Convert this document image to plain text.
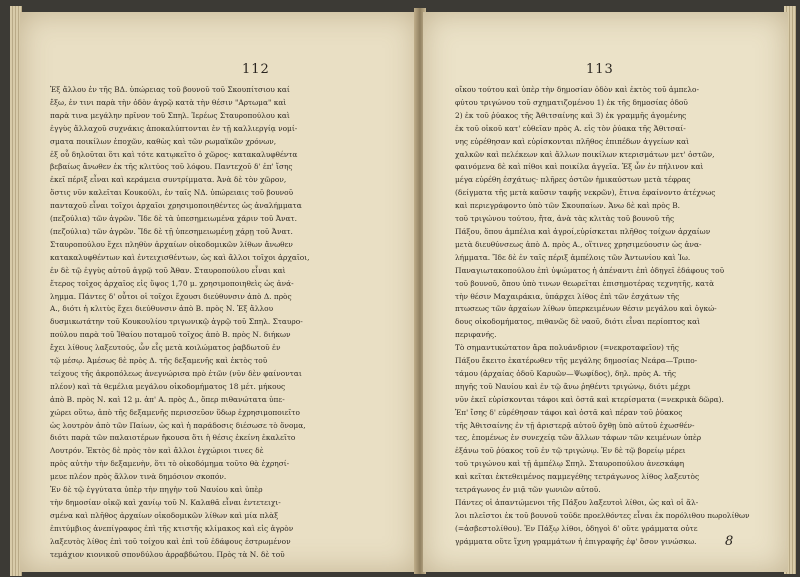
112
Ἐξ ἄλλου ἐν τῆς ΒΔ. ὑπώρειας τοῦ βουνοῦ τοῦ Σκουπίτσιου καί
ἔξω, ἐν τινι παρὰ τὴν ὁδὸν ἀγρῷ κατὰ τὴν θέσιν "Αρτωμα" καὶ
παρὰ τινα μεγάλην πρῖνον τοῦ Σπηλ. Ἰερέως Σταυροπούλου καὶ
ἐγγὺς ἄλλαχοῦ συχνάκις ἀποκαλύπτονται ἐν τῇ καλλιεργίᾳ νομί-
σματα ποικίλων ἐποχῶν, καθὼς καὶ τῶν ρωμαϊκῶν χρόνων,
ἐξ οὗ δηλοῦται ὅτι καὶ τότε κατῳκεῖτο ὁ χῶρος· κατακαλυφθέντα
βεβαίως ἄνωθεν ἐκ τῆς κλιτύος τοῦ λόφου. Παντεχοῦ δ' ἐπ' ἴσης
ἐκεῖ πέριξ εἶναι καὶ κεράμεια συντρίμματα. Ἀνὰ δὲ τὸν χῶρον,
ὅστις νῦν καλεῖται Κουκούλι, ἐν ταῖς ΝΔ. ὑπώρειαις τοῦ βουνοῦ
πανταχοῦ εἶναι τοῖχοι ἀρχαῖοι χρησιμοποιηθέντες ὡς ἀναλήμματα
(πεζούλια) τῶν ἀγρῶν. Ἴδε δὲ τὰ ὑπεσημειωμένα χάριν τοῦ Ἀνατ.
(πεζούλια) τῶν ἀγρῶν. Ἴδε δὲ τῇ ὑπεσημειωμένῃ χάρῃ τοῦ Ἀνατ.
Σταυροπούλου ἔχει πληθὺν ἀρχαίων οἰκοδομικῶν λίθων ἄνωθεν
κατακαλυφθέντων καὶ ἐντειχισθέντων, ὡς καὶ ἄλλοι τοῖχοι ἀρχαῖοι,
ἐν δὲ τῷ ἐγγὺς αὐτοῦ ἀγρῷ τοῦ Ἀθαν. Σταυροπούλου εἶναι καὶ
ἕτερος τοῖχος ἀρχαῖος εἰς ὕψος 1,70 μ. χρησιμοποιηθεὶς ὡς ἀνά-
λημμα. Πάντες δ' οὗτοι οἱ τοῖχοι ἔχουσι διεύθυνσιν ἀπὸ Δ. πρὸς
Α., διότι ἡ κλιτὺς ἔχει διεύθυνσιν ἀπὸ Β. πρὸς Ν. Ἐξ ἄλλου
δυσμικωτάτην τοῦ Κουκουλίου τριγωνικῷ ἀγρῷ τοῦ Σπηλ. Σταυρο-
πούλου παρὰ τοῦ Ἰθαίου ποταμοῦ τοῖχος ἀπὸ Β. πρὸς Ν. διήκων
ἔχει λίθους λαξευτούς, ὧν εἷς μετὰ κοιλώματος ῥαβδωτοῦ ἐν
τῷ μέσῳ. Ἀμέσως δὲ πρὸς Δ. τῆς δεξαμενῆς καὶ ἐκτὸς τοῦ
τείχους τῆς ἀκροπόλεως ἀνεγνώρισα πρὸ ἐτῶν (νῦν δὲν φαίνονται
πλέον) καὶ τὰ θεμέλια μεγάλου οἰκοδομήματος 18 μέτ. μήκους
ἀπὸ Β. πρὸς Ν. καὶ 12 μ. ἀπ' Α. πρὸς Δ., ὅπερ πιθανώτατα ὑπε-
χώρει οὕτω, ἀπὸ τῆς δεξαμενῆς περισσεῦον ὕδωρ ἐχρησιμοποιεῖτο
ὡς λουτρὸν ἀπὸ τῶν Παίων, ὡς καὶ ἡ παράδοσις διέσωσε τὸ ὄνομα,
διότι παρὰ τῶν παλαιοτέρων ἤκουσα ὅτι ἡ θέσις ἐκείνη ἐκαλεῖτο
Λουτρόν. Ἐκτὸς δὲ πρὸς τὸν καὶ ἄλλοι ἐγχώριοι τινες δὲ
πρὸς αὐτὴν τὴν δεξαμενὴν, ὅτι τὸ οἰκοδόμημα τοῦτο θὰ ἐχρησί-
μευε πλέον πρὸς ἄλλον τινὰ δημόσιον σκοπόν.
Ἐν δὲ τῷ ἐγγύτατα ὑπὲρ τὴν πηγὴν τοῦ Ναυίου καὶ ὑπὲρ
τὴν δημοσίαν οἰκῷ καὶ χανίῳ τοῦ Ν. Καλαθᾶ εἶναι ἐντετειχι-
σμένα καὶ πλῆθος ἀρχαίων οἰκοδομικῶν λίθων καὶ μία πλὰξ
ἐπιτύμβιος ἀνεπίγραφος ἐπὶ τῆς κτιστῆς κλίμακος καὶ εἰς ἀγρὸν
λαξευτὸς λίθος ἐπὶ τοῦ τοίχου καὶ ἐπὶ τοῦ ἐδάφους ἐστρωμένον
τεμάχιον κιονικοῦ σπονδύλου ἀρραβδώτου. Πρὸς τὰ Ν. δὲ τοῦ
113
οἴκου τούτου καὶ ὑπὲρ τὴν δημοσίαν ὁδὸν καὶ ἐκτὸς τοῦ ἀμπελο-
φύτου τριγώνου τοῦ σχηματιζομένου 1) ἐκ τῆς δημοσίας ὁδοῦ
2) ἐκ τοῦ ῥύακος τῆς Ἀθιτσαίνης καὶ 3) ἐκ γραμμῆς ἀγομένης
ἐκ τοῦ οἰκοῦ κατ' εὐθεῖαν πρὸς Α. εἰς τὸν ῥύακα τῆς Ἀθιτσαί-
νης εὑρέθησαν καὶ εὑρίσκονται πλῆθος ἐπιπέδων ἀγγείων καὶ
χαλκῶν καὶ πελέκεων καὶ ἄλλων ποικίλων κτερισμάτων μετ' ὀστῶν,
φαινόμενα δὲ καὶ πίθοι καὶ ποικίλα ἀγγεῖα. Ἐξ ὧν ἐν πήλινον καὶ
μέγα εὑρέθη ἐσχάτως· πλῆρες ὀστῶν ἡμικαύστων μετὰ τέφρας
(δείγματα τῆς μετὰ καῦσιν ταφῆς νεκρῶν), ἔτινα ἐφαίνοντο ἀτέχνως
καὶ περιεγράφοντο ὑπὸ τῶν Σκουπαίων. Ἀνω δὲ καὶ πρὸς Β.
τοῦ τριγώνου τούτου, ἤτα, ἀνὰ τὰς κλιτὰς τοῦ βουνοῦ τῆς
Πάξου, ὅπου ἀμπέλια καὶ ἀγροί,εὑρίσκεται πλῆθος τοίχων ἀρχαίων
μετὰ διευθύνσεως ἀπὸ Δ. πρὸς Α., οἵτινες χρησιμεύουσιν ὡς ἀνα-
λήμματα. Ἴδε δὲ ἐν ταῖς πέριξ ἀμπέλοις τῶν Ἀντωνίου καὶ Ἰω.
Παναγιωτακοπούλου ἐπὶ ὑψώματος ἡ ἀπέναντι ἐπὶ ὁδηγεῖ ἐδάφους τοῦ
τοῦ βουνοῦ, ὅπου ὑπὸ τινων θεωρεῖται ἐπισημοτέρας τεχνητῆς, κατὰ
τὴν θέσιν Μαχαιράκια, ὑπάρχει λίθος ἐπὶ τῶν ἐσχάτων τῆς
πτωσεως τῶν ἀρχαίων λίθων ὑπερκειμένων θέσιν μεγάλου καὶ ὀγκώ-
δους οἰκοδομήματος, πιθανῶς δὲ ναοῦ, διότι εἶναι περίοπτος καὶ
περιφανής.
Τὸ σημαντικώτατον ἄρα πολυάνδριον (=νεκροταφεῖον) τῆς
Πάξου ἔκειτο ἑκατέρωθεν τῆς μεγάλης δημοσίας Νεάρα—Τριπο-
τάμου (ἀρχαίας ὁδοῦ Καρυῶν—Ψωφίδος), δηλ. πρὸς Α. τῆς
πηγῆς τοῦ Ναυίου καὶ ἐν τῷ ἄνω ῥηθέντι τριγώνῳ, διότι μέχρι
νῦν ἐκεῖ εὑρίσκονται τάφοι καὶ ὀστᾶ καὶ κτερίσματα (=νεκρικὰ δῶρα).
Ἐπ' ἴσης δ' εὑρέθησαν τάφοι καὶ ὀστᾶ καὶ πέραν τοῦ ῥύακος
τῆς Ἀθιτσαίνης ἐν τῇ ἀριστερᾷ αὐτοῦ ὄχθῃ ὑπὸ αὐτοῦ ἐχωσθέν-
τες, ἐπομένως ἐν συνεχείᾳ τῶν ἄλλων τάφων τῶν κειμένων ὑπὲρ
ἐξάνω τοῦ ῥύακος τοῦ ἐν τῷ τριγώνῳ. Ἐν δὲ τῷ βορείῳ μέρει
τοῦ τριγώνου καὶ τῇ ἀμπέλῳ Σπηλ. Σταυροπούλου ἀνεσκάφη
καὶ κεῖται ἐκτεθειμένος παμμεγέθης τετράγωνος λίθος λαξευτὸς
τετράγωνος ἐν μιᾷ τῶν γωνιῶν αὐτοῦ.
Πάντες οἱ ἀπαντώμενοι τῆς Πάξου λαξευτοὶ λίθοι, ὡς καὶ οἱ ἄλ-
λοι πλεῖστοι ἐκ τοῦ βουνοῦ τοῦδε προελθόντες εἶναι ἐκ πορόλιθου πωρολίθων
(=ἀσβεστολίθου). Ἐν Πάξῳ λίθοι, ὁδηγοὶ δ' οὔτε γράμματα οὐτε
γράμματα οὔτε ἴχνη γραμμάτων ἡ ἐπιγραφῆς ἐφ' ὅσον γινώσκω.	8
